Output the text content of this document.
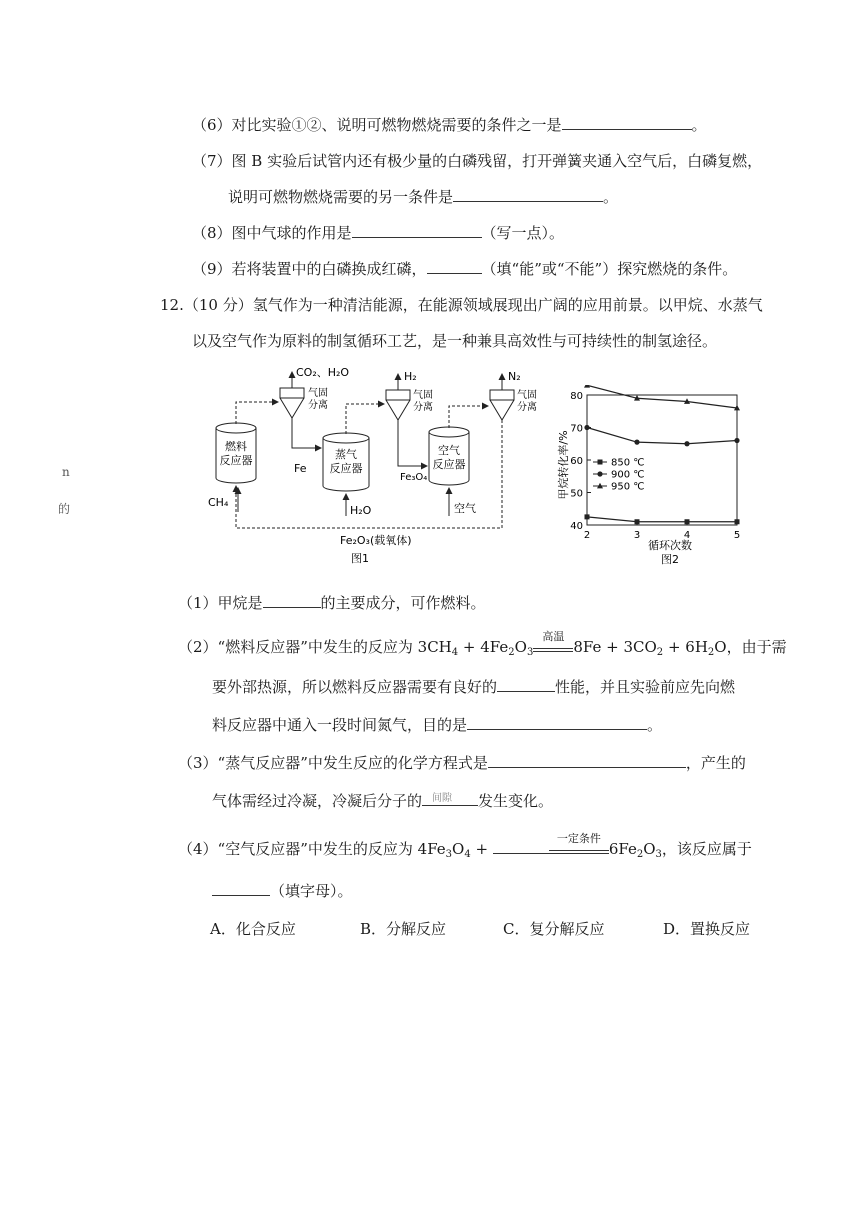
n
的
（6）对比实验①②、说明可燃物燃烧需要的条件之一是	。
（7）图 B 实验后试管内还有极少量的白磷残留，打开弹簧夹通入空气后，白磷复燃，
说明可燃物燃烧需要的另一条件是	。
（8）图中气球的作用是	（写一点）。
（9）若将装置中的白磷换成红磷，	（填“能”或“不能”）探究燃烧的条件。
12.（10 分）氢气作为一种清洁能源，在能源领域展现出广阔的应用前景。以甲烷、水蒸气
以及空气作为原料的制氢循环工艺，是一种兼具高效性与可持续性的制氢途径。
燃料
反应器	蒸气
反应器
空气
反应器
气固
分离
气固
分离
气固
分离
CO₂、H₂O	H₂	N₂
Fe
Fe₃O₄
Fe₂O₃(载氧体)
CH₄
H₂O	空气
图1
40
50
60
70
80
2	3	4	5
850 ℃
900 ℃
950 ℃
循环次数
图2
甲烷转化率/%
（1）甲烷是	的主要成分，可作燃料。
（2）“燃料反应器”中发生的反应为 $3CH_4 + 4Fe_2O_3$
高温
$8Fe + 3CO_2 + 6H_2O$，由于需
要外部热源，所以燃料反应器需要有良好的	性能，并且实验前应先向燃
料反应器中通入一段时间氮气，目的是	。
（3）“蒸气反应器”中发生反应的化学方程式是	，产生的
气体需经过冷凝，冷凝后分子的 间隙 发生变化。
（4）“空气反应器”中发生的反应为 $4Fe_3O_4$ +
一定条件
$6Fe_2O_3$，该反应属于
（填字母）。
A．化合反应	B．分解反应	C．复分解反应	D．置换反应
